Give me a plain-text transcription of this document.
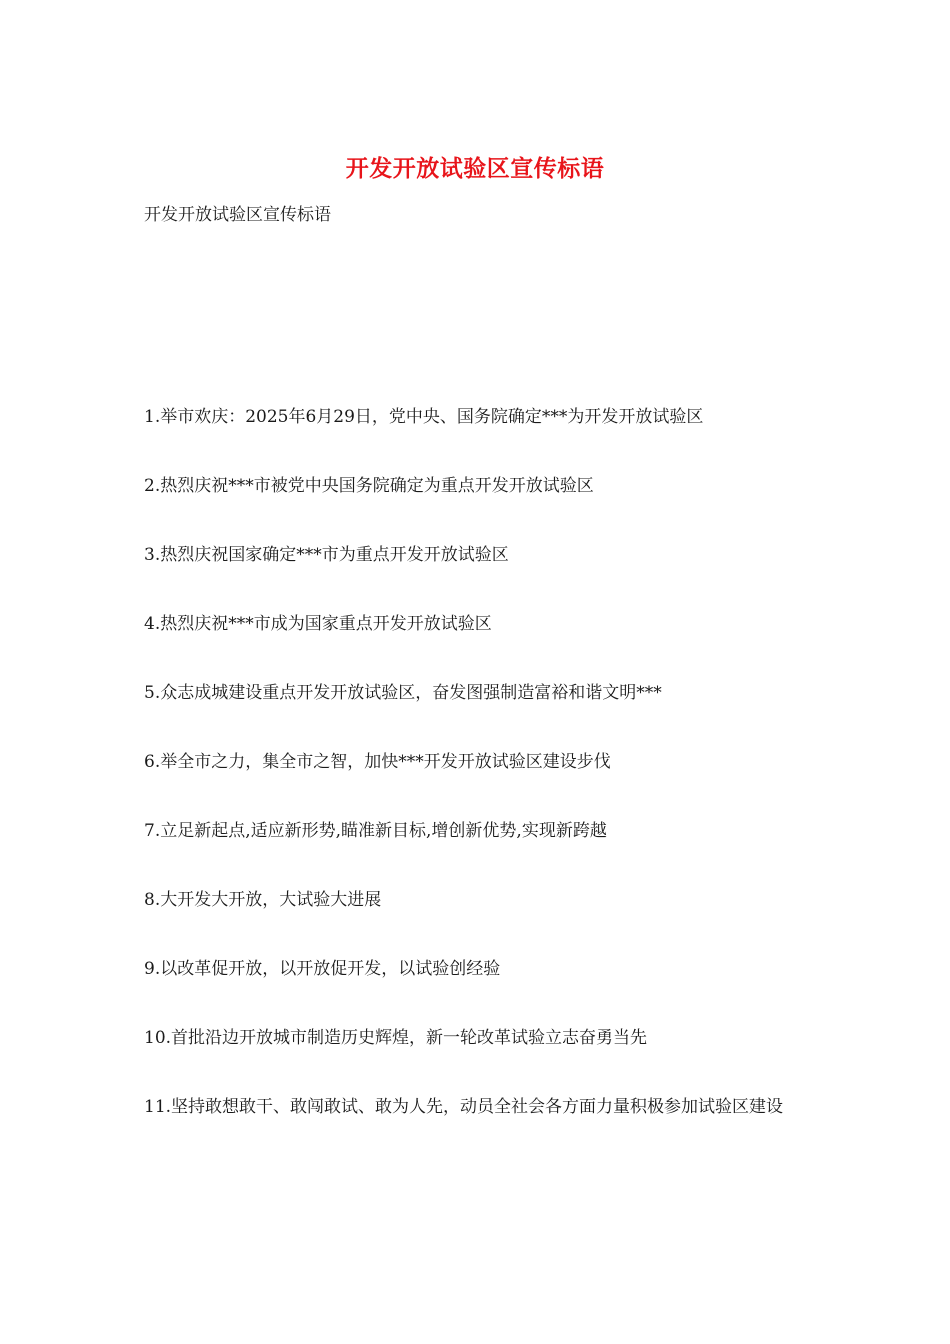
开发开放试验区宣传标语
开发开放试验区宣传标语
1.举市欢庆：2025年6月29日，党中央、国务院确定***为开发开放试验区
2.热烈庆祝***市被党中央国务院确定为重点开发开放试验区
3.热烈庆祝国家确定***市为重点开发开放试验区
4.热烈庆祝***市成为国家重点开发开放试验区
5.众志成城建设重点开发开放试验区，奋发图强制造富裕和谐文明***
6.举全市之力，集全市之智，加快***开发开放试验区建设步伐
7.立足新起点,适应新形势,瞄准新目标,增创新优势,实现新跨越
8.大开发大开放，大试验大进展
9.以改革促开放，以开放促开发，以试验创经验
10.首批沿边开放城市制造历史辉煌，新一轮改革试验立志奋勇当先
11.坚持敢想敢干、敢闯敢试、敢为人先，动员全社会各方面力量积极参加试验区建设
